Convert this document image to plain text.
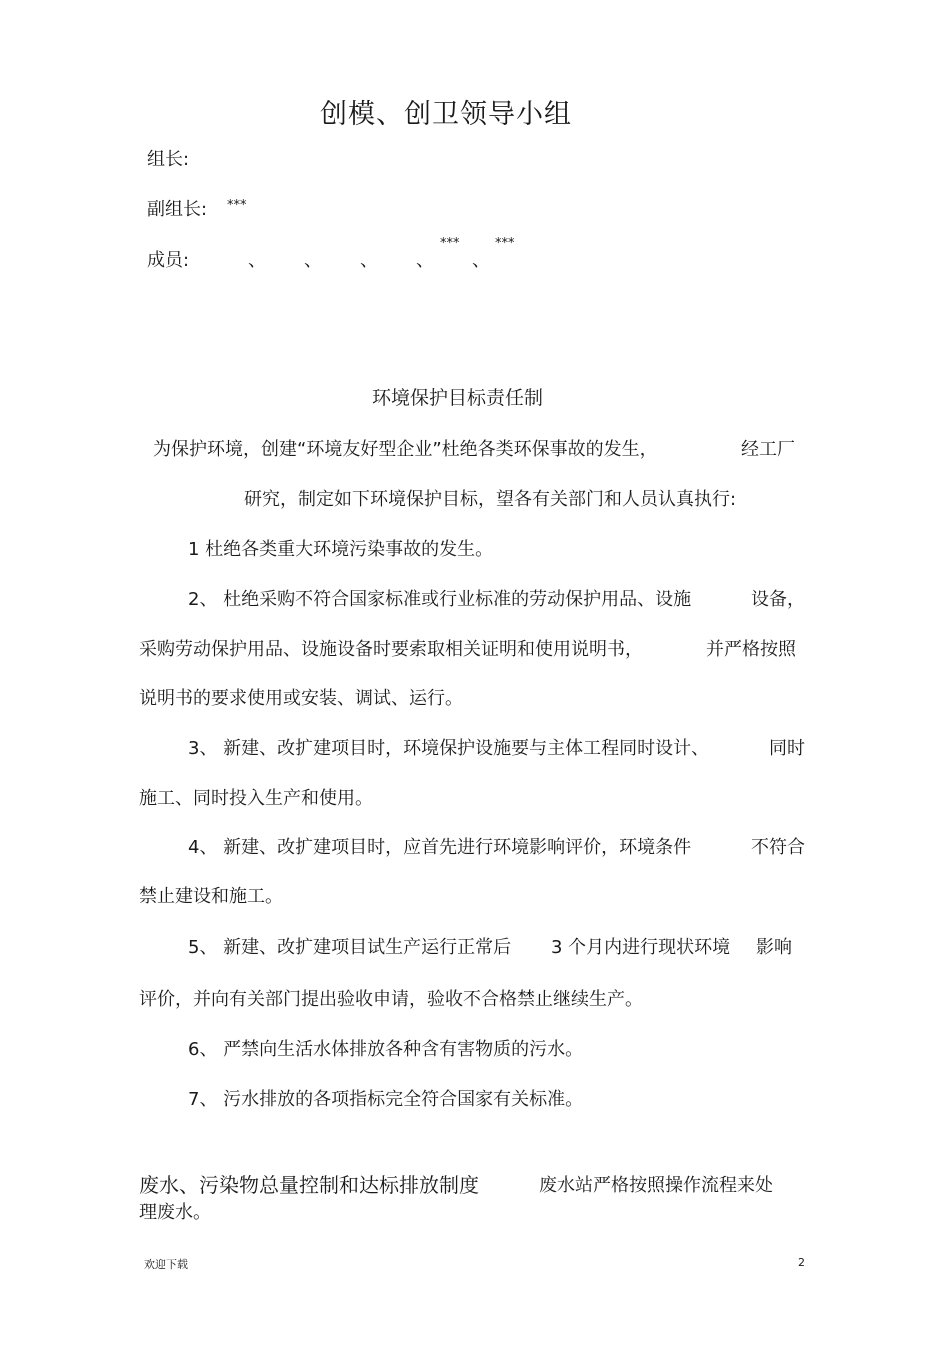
创模、创卫领导小组
组长:
副组长: ***
成员:	、 、 、 、
***
、
***
环境保护目标责任制
为保护环境，创建“环境友好型企业”杜绝各类环保事故的发生，	经工厂
研究，制定如下环境保护目标，望各有关部门和人员认真执行:
1 杜绝各类重大环境污染事故的发生。
2、 杜绝采购不符合国家标准或行业标准的劳动保护用品、设施	设备，
采购劳动保护用品、设施设备时要索取相关证明和使用说明书，	并严格按照
说明书的要求使用或安装、调试、运行。
3、 新建、改扩建项目时，环境保护设施要与主体工程同时设计、	同时
施工、同时投入生产和使用。
4、 新建、改扩建项目时，应首先进行环境影响评价，环境条件	不符合
禁止建设和施工。
5、 新建、改扩建项目试生产运行正常后 3 个月内进行现状环境 影响
评价，并向有关部门提出验收申请，验收不合格禁止继续生产。
6、 严禁向生活水体排放各种含有害物质的污水。
7、 污水排放的各项指标完全符合国家有关标准。
废水、污染物总量控制和达标排放制度	废水站严格按照操作流程来处
理废水。
欢迎下载	2
